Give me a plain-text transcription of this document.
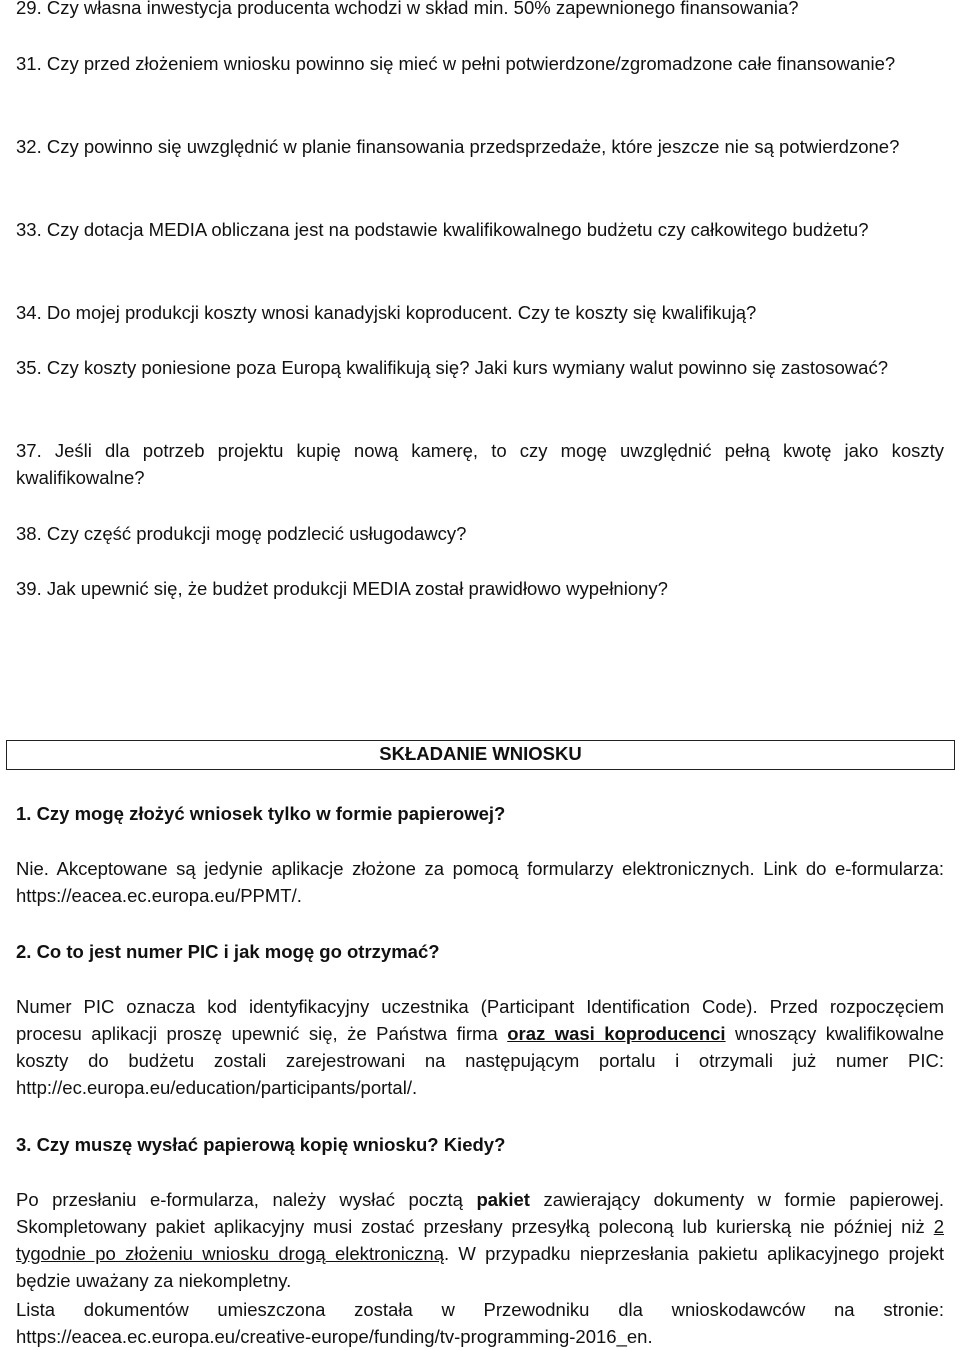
29. Czy własna inwestycja producenta wchodzi w skład min. 50% zapewnionego finansowania?
31. Czy przed złożeniem wniosku powinno się mieć w pełni potwierdzone/zgromadzone całe finansowanie?
32. Czy powinno się uwzględnić w planie finansowania przedsprzedaże, które jeszcze nie są potwierdzone?
33. Czy dotacja MEDIA obliczana jest na podstawie kwalifikowalnego budżetu czy całkowitego budżetu?
34. Do mojej produkcji koszty wnosi kanadyjski koproducent. Czy te koszty się kwalifikują?
35. Czy koszty poniesione poza Europą kwalifikują się? Jaki kurs wymiany walut powinno się zastosować?
37. Jeśli dla potrzeb projektu kupię nową kamerę, to czy mogę uwzględnić pełną kwotę jako koszty kwalifikowalne?
38. Czy część produkcji mogę podzlecić usługodawcy?
39. Jak upewnić się, że budżet produkcji MEDIA został prawidłowo wypełniony?
SKŁADANIE WNIOSKU
1. Czy mogę złożyć wniosek tylko w formie papierowej?
Nie. Akceptowane są jedynie aplikacje złożone za pomocą formularzy elektronicznych. Link do e-formularza: https://eacea.ec.europa.eu/PPMT/.
2. Co to jest numer PIC i jak mogę go otrzymać?
Numer PIC oznacza kod identyfikacyjny uczestnika (Participant Identification Code). Przed rozpoczęciem procesu aplikacji proszę upewnić się, że Państwa firma oraz wasi koproducenci wnoszący kwalifikowalne koszty do budżetu zostali zarejestrowani na następującym portalu i otrzymali już numer PIC: http://ec.europa.eu/education/participants/portal/.
3. Czy muszę wysłać papierową kopię wniosku? Kiedy?
Po przesłaniu e-formularza, należy wysłać pocztą pakiet zawierający dokumenty w formie papierowej. Skompletowany pakiet aplikacyjny musi zostać przesłany przesyłką poleconą lub kurierską nie później niż 2 tygodnie po złożeniu wniosku drogą elektroniczną. W przypadku nieprzesłania pakietu aplikacyjnego projekt będzie uważany za niekompletny.
Lista dokumentów umieszczona została w Przewodniku dla wnioskodawców na stronie: https://eacea.ec.europa.eu/creative-europe/funding/tv-programming-2016_en.
